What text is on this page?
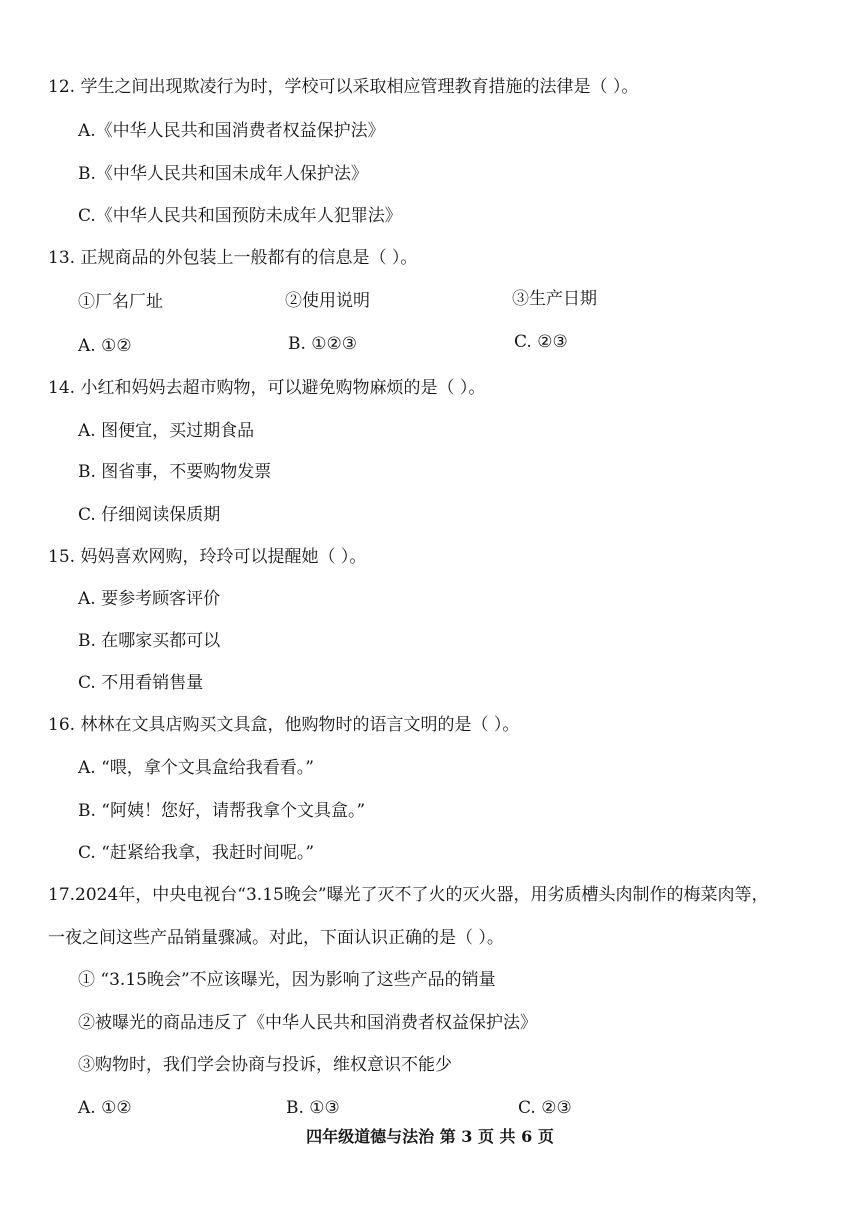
12. 学生之间出现欺凌行为时，学校可以采取相应管理教育措施的法律是（ ）。
A.《中华人民共和国消费者权益保护法》
B.《中华人民共和国未成年人保护法》
C.《中华人民共和国预防未成年人犯罪法》
13. 正规商品的外包装上一般都有的信息是（ ）。
①厂名厂址	②使用说明	③生产日期
A. ①②	B. ①②③	C. ②③
14. 小红和妈妈去超市购物，可以避免购物麻烦的是（ ）。
A. 图便宜，买过期食品
B. 图省事，不要购物发票
C. 仔细阅读保质期
15. 妈妈喜欢网购，玲玲可以提醒她（ ）。
A. 要参考顾客评价
B. 在哪家买都可以
C. 不用看销售量
16. 林林在文具店购买文具盒，他购物时的语言文明的是（ ）。
A. “喂，拿个文具盒给我看看。”
B. “阿姨！您好，请帮我拿个文具盒。”
C. “赶紧给我拿，我赶时间呢。”
17.2024年，中央电视台“3.15晚会”曝光了灭不了火的灭火器，用劣质槽头肉制作的梅菜肉等，
一夜之间这些产品销量骤减。对此，下面认识正确的是（ ）。
① “3.15晚会”不应该曝光，因为影响了这些产品的销量
②被曝光的商品违反了《中华人民共和国消费者权益保护法》
③购物时，我们学会协商与投诉，维权意识不能少
A. ①②	B. ①③	C. ②③
四年级道德与法治 第 3 页 共 6 页
